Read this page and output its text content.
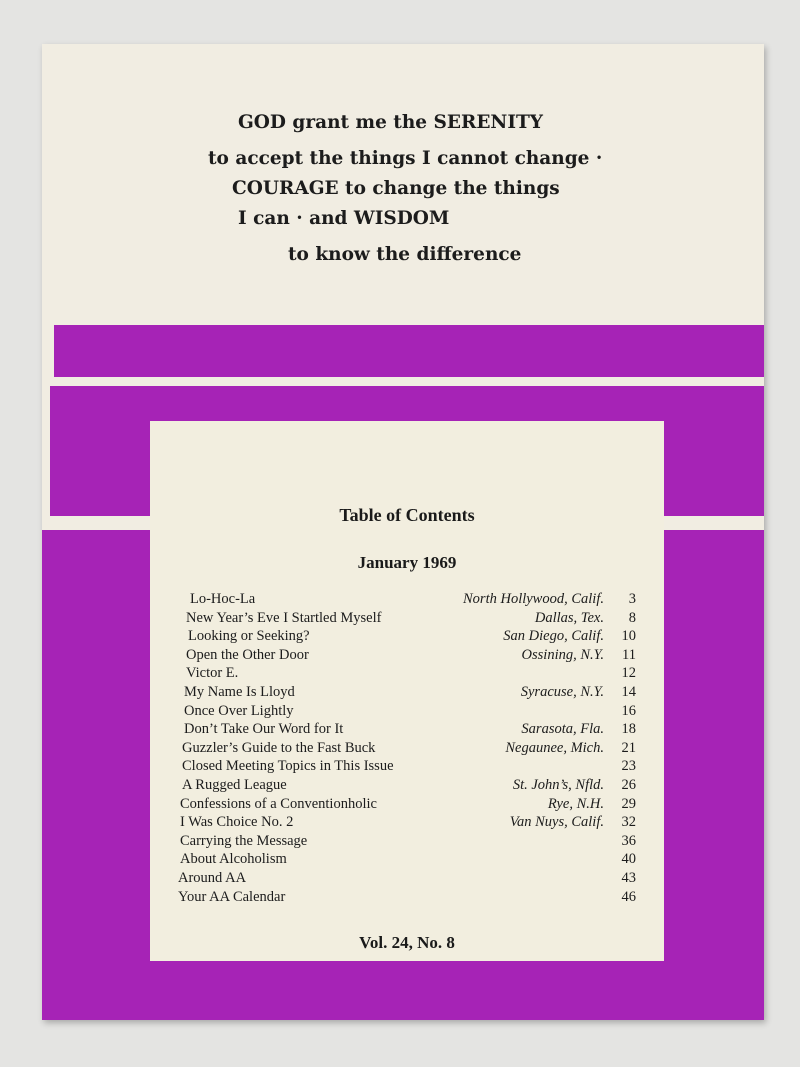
GOD grant me the SERENITY
to accept the things I cannot change ·
COURAGE to change the things
I can · and WISDOM
to know the difference
Table of Contents
January 1969
Lo-Hoc-La	North Hollywood, Calif.	3
New Year’s Eve I Startled Myself	Dallas, Tex.	8
Looking or Seeking?	San Diego, Calif.	10
Open the Other Door	Ossining, N.Y.	11
Victor E.	12
My Name Is Lloyd	Syracuse, N.Y.	14
Once Over Lightly	16
Don’t Take Our Word for It	Sarasota, Fla.	18
Guzzler’s Guide to the Fast Buck	Negaunee, Mich.	21
Closed Meeting Topics in This Issue	23
A Rugged League	St. John’s, Nfld.	26
Confessions of a Conventionholic	Rye, N.H.	29
I Was Choice No. 2	Van Nuys, Calif.	32
Carrying the Message	36
About Alcoholism	40
Around AA	43
Your AA Calendar	46
Vol. 24, No. 8
